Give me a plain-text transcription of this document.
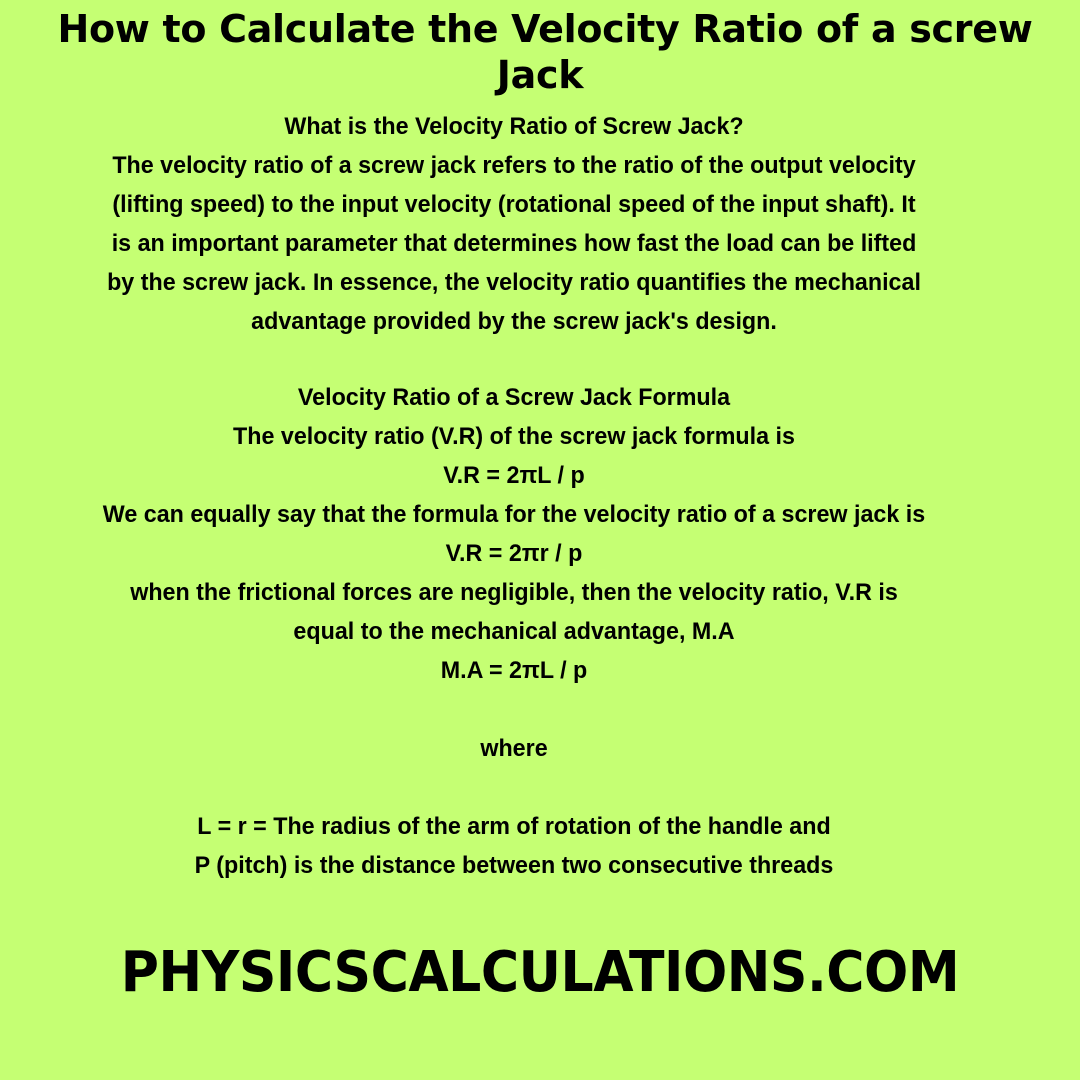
How to Calculate the Velocity Ratio of a screw
Jack
What is the Velocity Ratio of Screw Jack?
The velocity ratio of a screw jack refers to the ratio of the output velocity
(lifting speed) to the input velocity (rotational speed of the input shaft). It
is an important parameter that determines how fast the load can be lifted
by the screw jack. In essence, the velocity ratio quantifies the mechanical
advantage provided by the screw jack's design.
Velocity Ratio of a Screw Jack Formula
The velocity ratio (V.R) of the screw jack formula is
V.R = 2πL / p
We can equally say that the formula for the velocity ratio of a screw jack is
V.R = 2πr / p
when the frictional forces are negligible, then the velocity ratio, V.R is
equal to the mechanical advantage, M.A
M.A = 2πL / p
where
L = r = The radius of the arm of rotation of the handle and
P (pitch) is the distance between two consecutive threads
PHYSICSCALCULATIONS.COM
